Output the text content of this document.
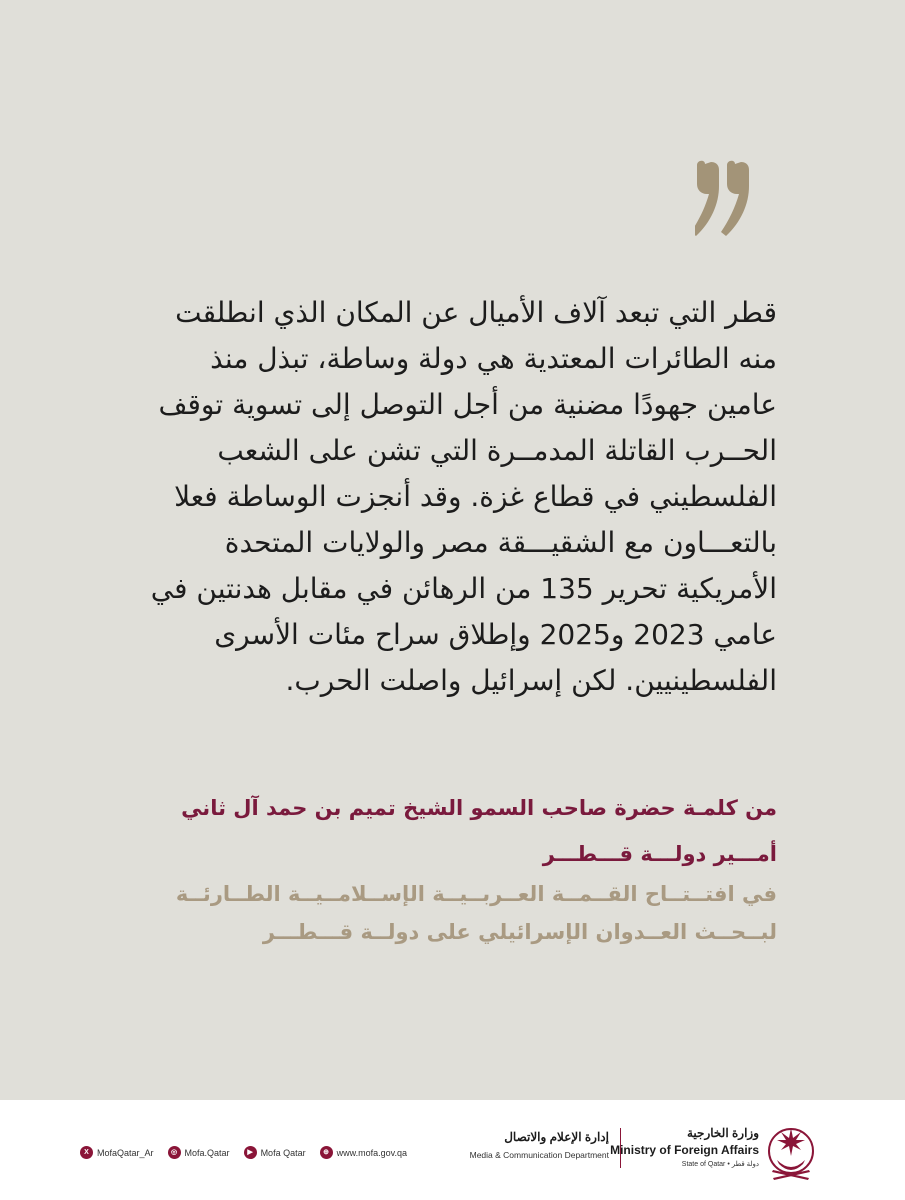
قطر التي تبعد آلاف الأميال عن المكان الذي انطلقت
منه الطائرات المعتدية هي دولة وساطة، تبذل منذ
عامين جهودًا مضنية من أجل التوصل إلى تسوية توقف
الحــرب القاتلة المدمــرة التي تشن على الشعب
الفلسطيني في قطاع غزة. وقد أنجزت الوساطة فعلا
بالتعـــاون مع الشقيـــقة مصر والولايات المتحدة
الأمريكية تحرير 135 من الرهائن في مقابل هدنتين في
عامي 2023 و2025 وإطلاق سراح مئات الأسرى
الفلسطينيين. لكن إسرائيل واصلت الحرب.
من كلمـة حضرة صاحب السمو الشيخ تميم بن حمد آل ثاني
أمـــير دولـــة قـــطـــر
في افتــتــاح القــمــة العــربــيــة الإســلامــيــة الطــارئــة
لبــحــث العــدوان الإسرائيلي على دولــة قـــطـــر
X MofaQatar_Ar	◎ Mofa.Qatar	▶ Mofa Qatar	⊕ www.mofa.gov.qa
إدارة الإعلام والاتصال
Media & Communication Department
وزارة الخارجية
Ministry of Foreign Affairs
State of Qatar • دولة قطر
